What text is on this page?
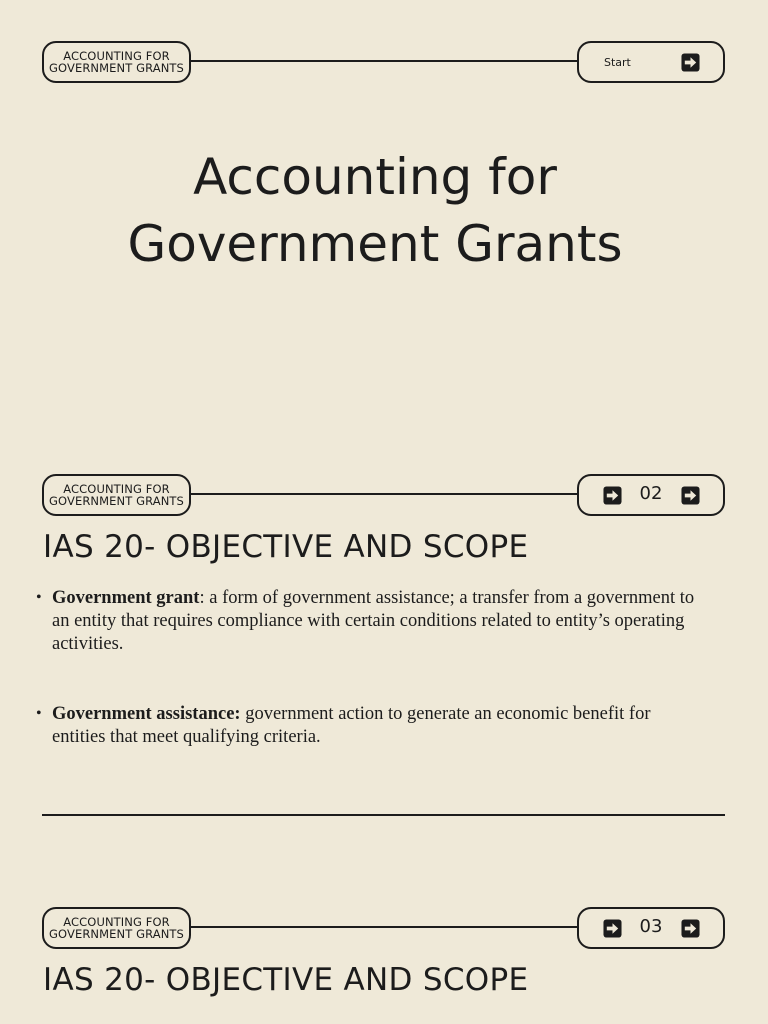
ACCOUNTING FOR
GOVERNMENT GRANTS	Start
Accounting for
Government Grants
ACCOUNTING FOR
GOVERNMENT GRANTS	02
IAS 20- OBJECTIVE AND SCOPE
• Government grant: a form of government assistance; a transfer from a government to an entity that requires compliance with certain conditions related to entity’s operating activities.
• Government assistance: government action to generate an economic benefit for entities that meet qualifying criteria.
ACCOUNTING FOR
GOVERNMENT GRANTS	03
IAS 20- OBJECTIVE AND SCOPE
